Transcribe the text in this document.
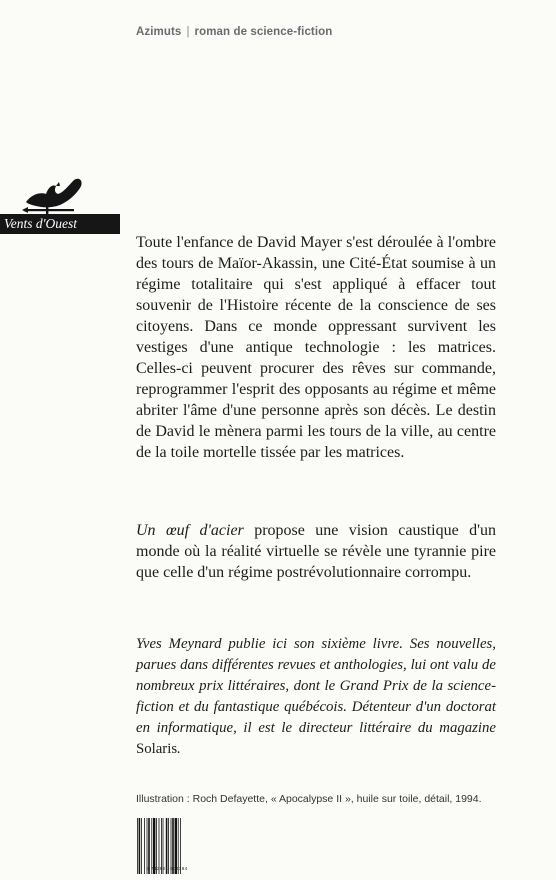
Azimuts | roman de science-fiction
Vents d'Ouest

Toute l'enfance de David Mayer s'est déroulée à l'ombre des tours de Maïor-Akassin, une Cité-État soumise à un régime totalitaire qui s'est appliqué à effacer tout souvenir de l'Histoire récente de la conscience de ses citoyens. Dans ce monde oppressant survivent les vestiges d'une antique technologie : les matrices. Celles-ci peuvent procurer des rêves sur commande, reprogrammer l'esprit des opposants au régime et même abriter l'âme d'une personne après son décès. Le destin de David le mènera parmi les tours de la ville, au centre de la toile mortelle tissée par les matrices.

Un œuf d'acier propose une vision caustique d'un monde où la réalité virtuelle se révèle une tyrannie pire que celle d'un régime postrévolutionnaire corrompu.

Yves Meynard publie ici son sixième livre. Ses nouvelles, parues dans différentes revues et anthologies, lui ont valu de nombreux prix littéraires, dont le Grand Prix de la science-fiction et du fantastique québécois. Détenteur d'un doctorat en informatique, il est le directeur littéraire du magazine Solaris.

Illustration : Roch Defayette, « Apocalypse II », huile sur toile, détail, 1994.
9 782921 603384
